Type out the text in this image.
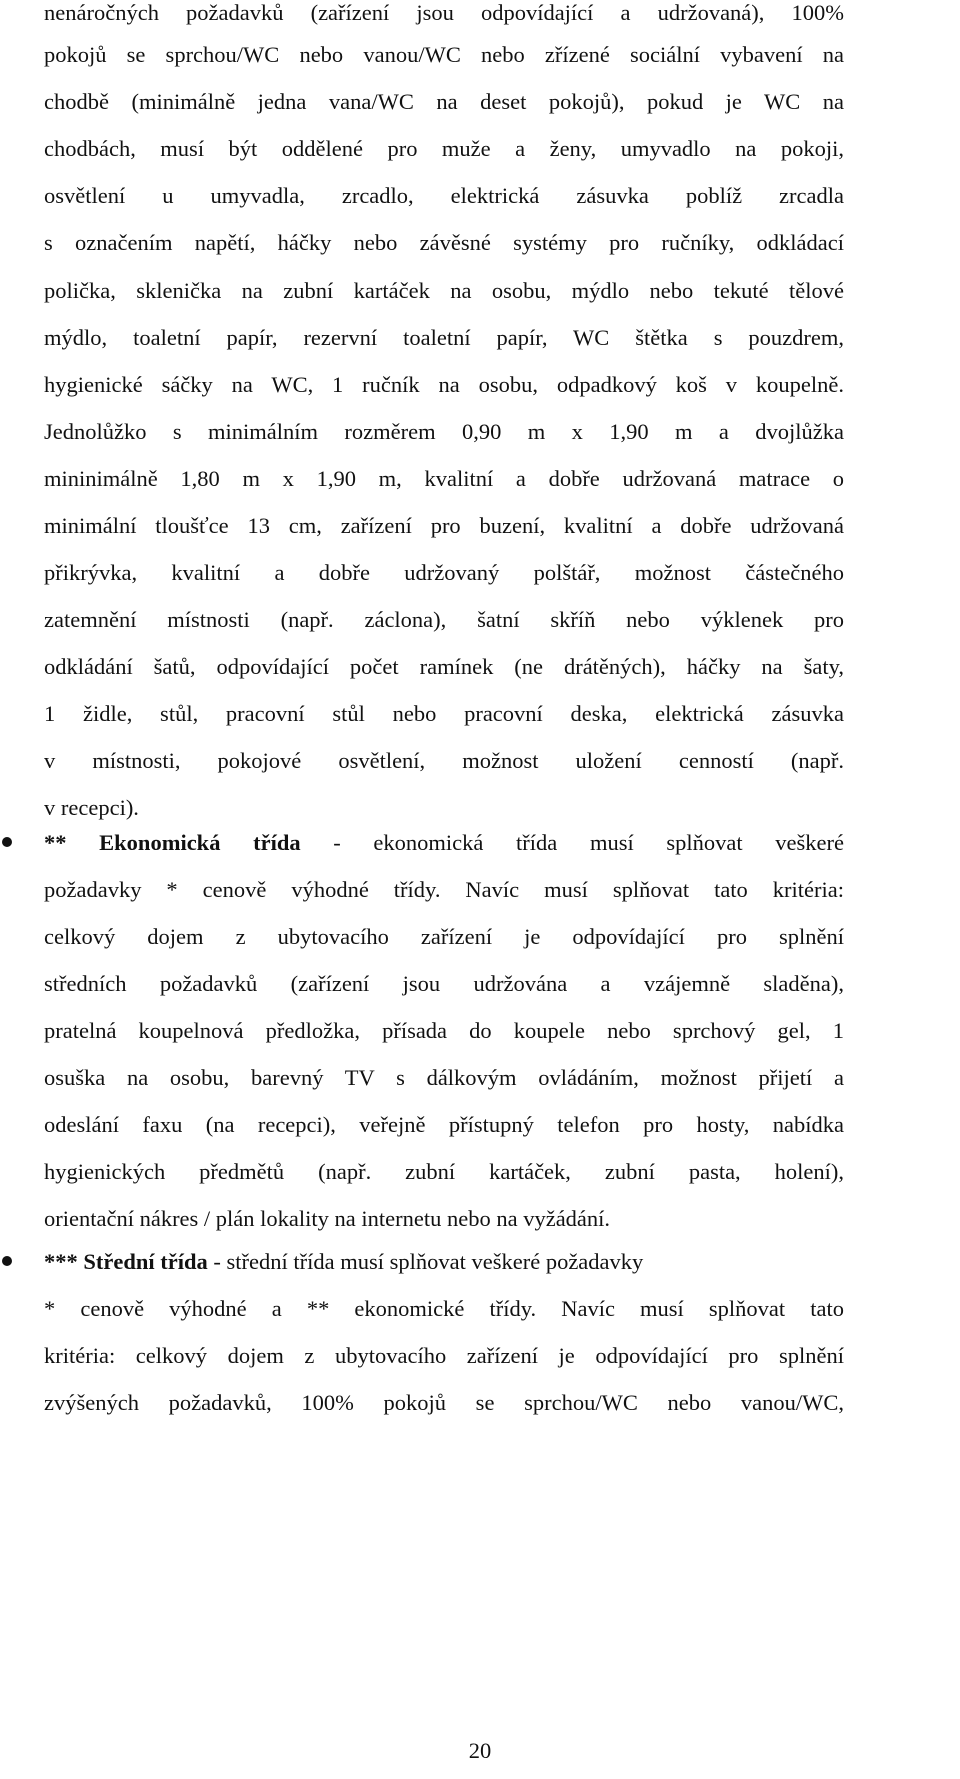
nenáročných požadavků (zařízení jsou odpovídající a udržovaná), 100%
pokojů se sprchou/WC nebo vanou/WC nebo zřízené sociální vybavení na
chodbě (minimálně jedna vana/WC na deset pokojů), pokud je WC na
chodbách, musí být oddělené pro muže a ženy, umyvadlo na pokoji,
osvětlení u umyvadla, zrcadlo, elektrická zásuvka poblíž zrcadla
s označením napětí, háčky nebo závěsné systémy pro ručníky, odkládací
polička, sklenička na zubní kartáček na osobu, mýdlo nebo tekuté tělové
mýdlo, toaletní papír, rezervní toaletní papír, WC štětka s pouzdrem,
hygienické sáčky na WC, 1 ručník na osobu, odpadkový koš v koupelně.
Jednolůžko s minimálním rozměrem 0,90 m x 1,90 m a dvojlůžka
mininimálně 1,80 m x 1,90 m, kvalitní a dobře udržovaná matrace o
minimální tloušťce 13 cm, zařízení pro buzení, kvalitní a dobře udržovaná
přikrývka, kvalitní a dobře udržovaný polštář, možnost částečného
zatemnění místnosti (např. záclona), šatní skříň nebo výklenek pro
odkládání šatů, odpovídající počet ramínek (ne drátěných), háčky na šaty,
1 židle, stůl, pracovní stůl nebo pracovní deska, elektrická zásuvka
v místnosti, pokojové osvětlení, možnost uložení cenností (např.
v recepci).
** Ekonomická třída - ekonomická třída musí splňovat veškeré
požadavky * cenově výhodné třídy. Navíc musí splňovat tato kritéria:
celkový dojem z ubytovacího zařízení je odpovídající pro splnění
středních požadavků (zařízení jsou udržována a vzájemně sladěna),
pratelná koupelnová předložka, přísada do koupele nebo sprchový gel, 1
osuška na osobu, barevný TV s dálkovým ovládáním, možnost přijetí a
odeslání faxu (na recepci), veřejně přístupný telefon pro hosty, nabídka
hygienických předmětů (např. zubní kartáček, zubní pasta, holení),
orientační nákres / plán lokality na internetu nebo na vyžádání.
*** Střední třída - střední třída musí splňovat veškeré požadavky
* cenově výhodné a ** ekonomické třídy. Navíc musí splňovat tato
kritéria: celkový dojem z ubytovacího zařízení je odpovídající pro splnění
zvýšených požadavků, 100% pokojů se sprchou/WC nebo vanou/WC,
20
